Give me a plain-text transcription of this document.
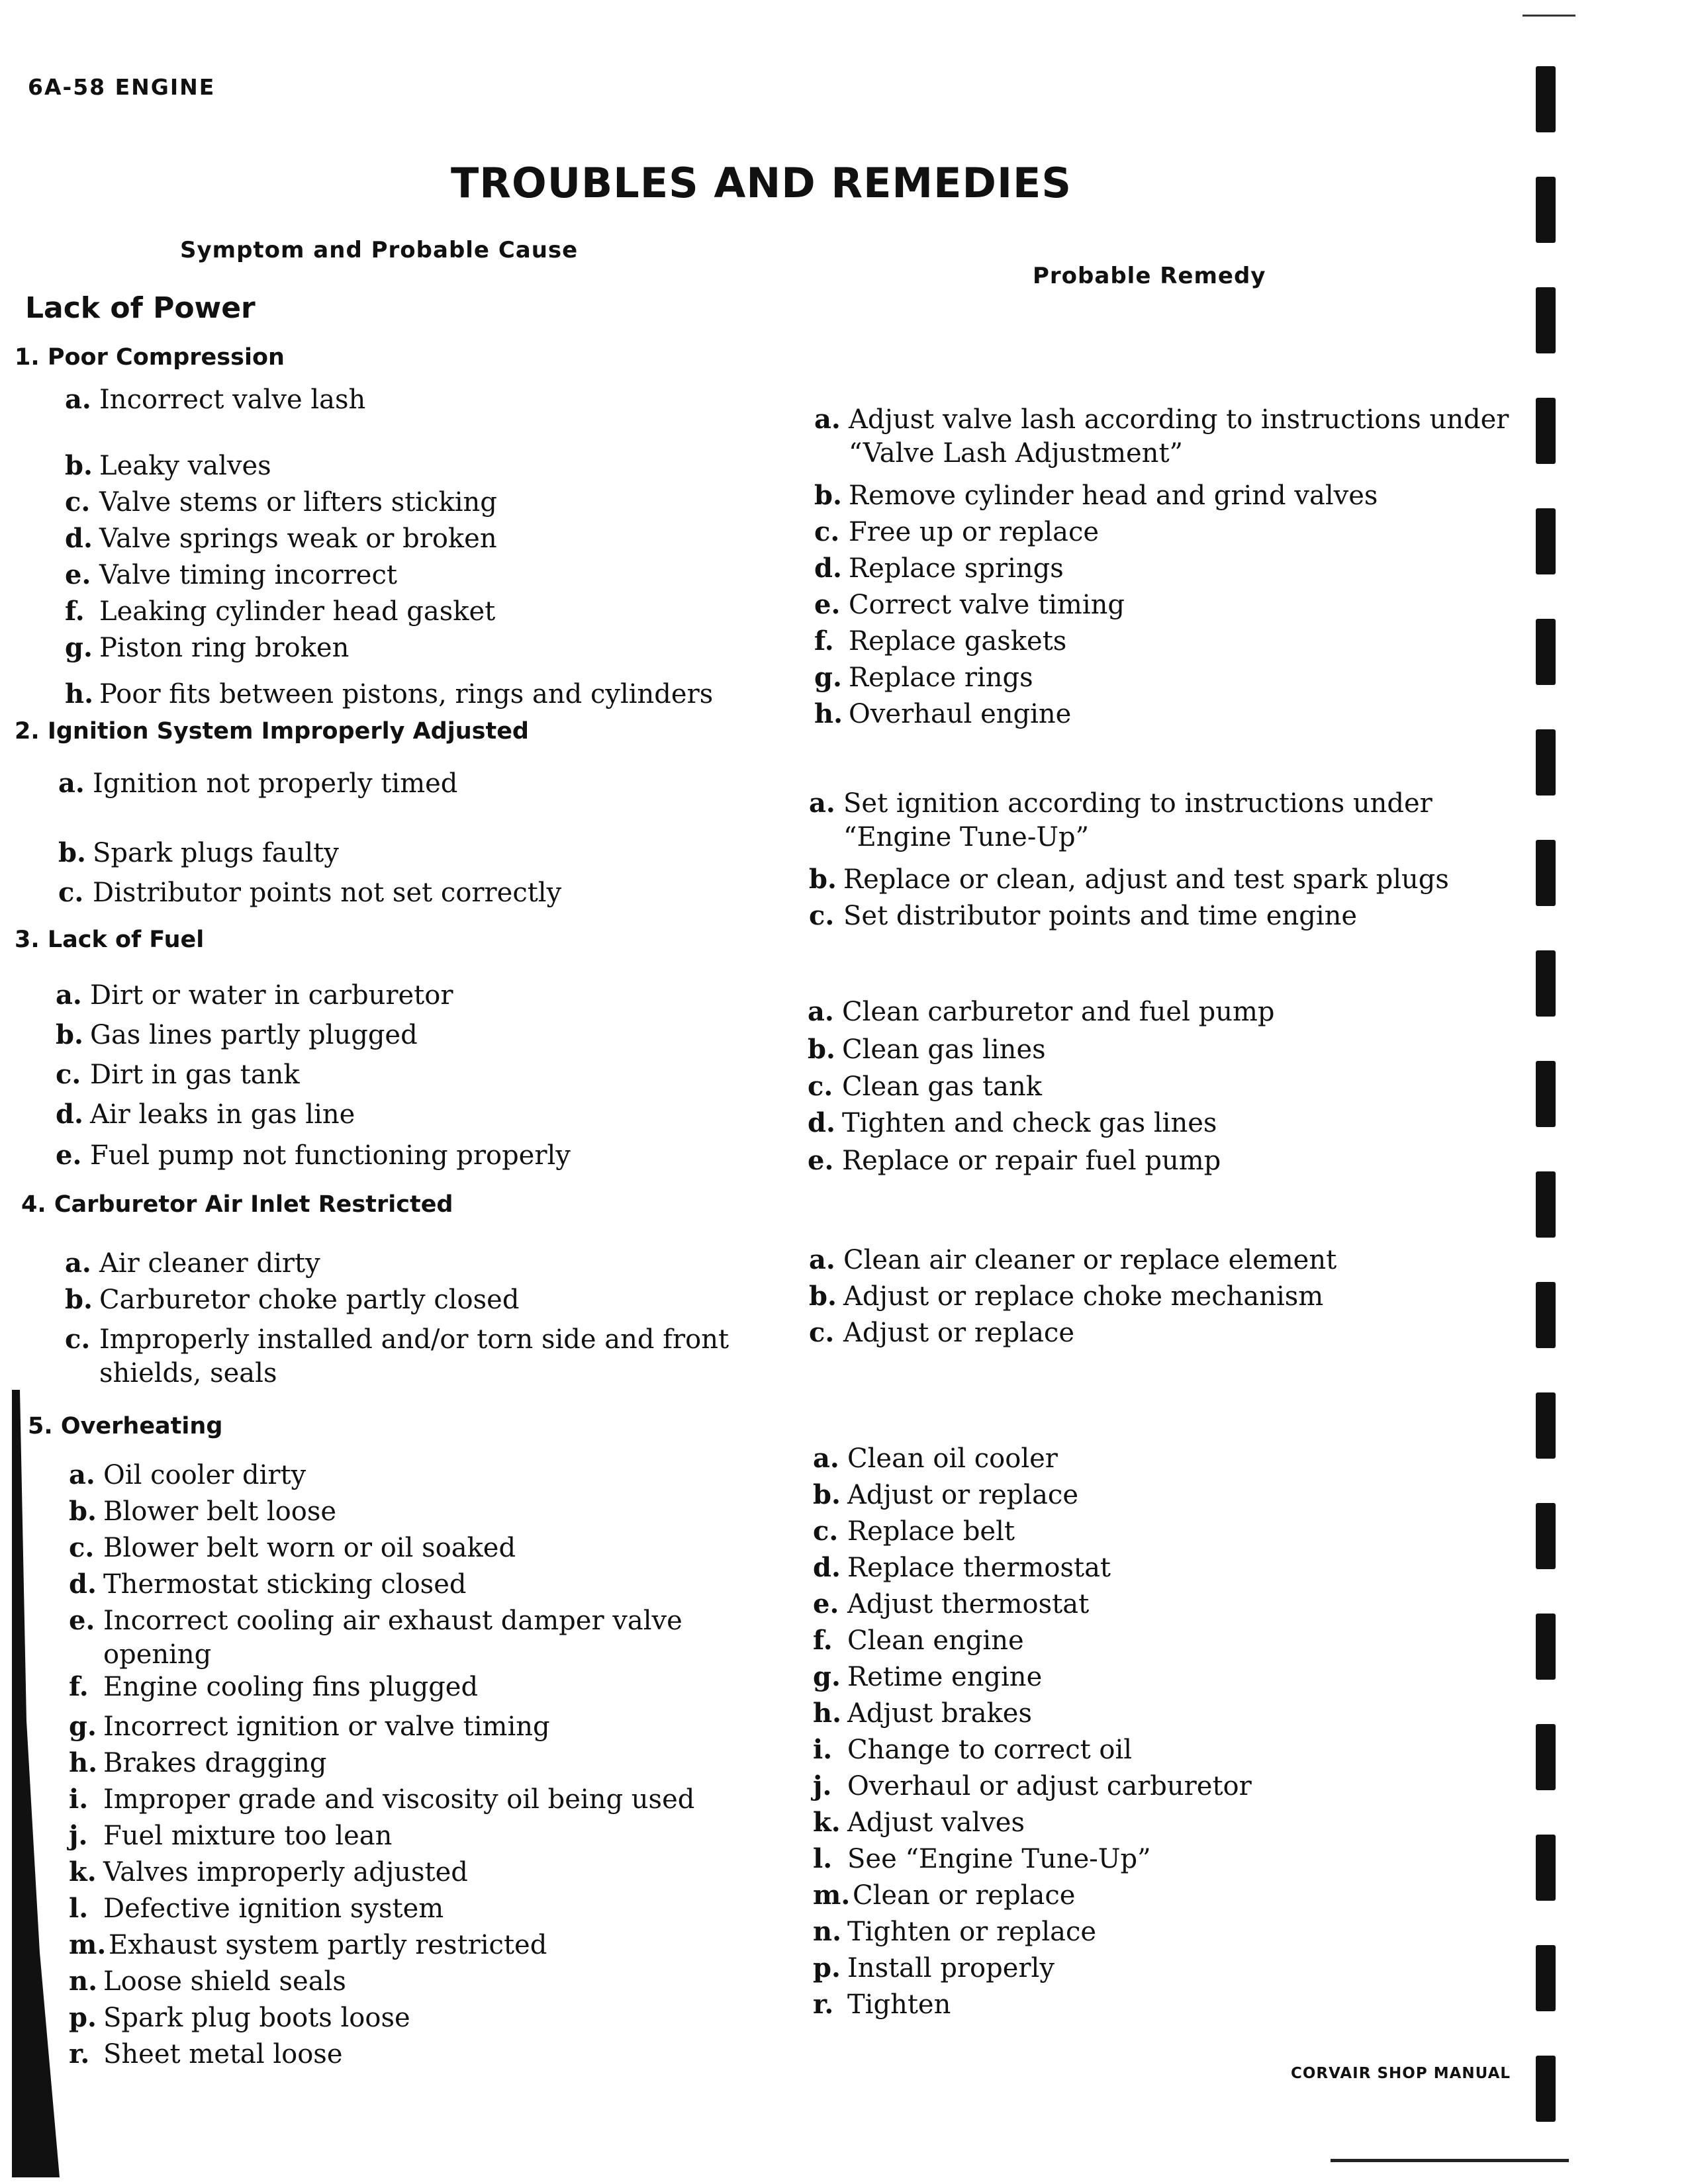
6A-58 ENGINE
TROUBLES AND REMEDIES
Symptom and Probable Cause
Probable Remedy
Lack of Power
1. Poor Compression
a. Incorrect valve lash
b. Leaky valves
c. Valve stems or lifters sticking
d. Valve springs weak or broken
e. Valve timing incorrect
f. Leaking cylinder head gasket
g. Piston ring broken
h. Poor fits between pistons, rings and cylinders
a. Adjust valve lash according to instructions under
“Valve Lash Adjustment”
b. Remove cylinder head and grind valves
c. Free up or replace
d. Replace springs
e. Correct valve timing
f. Replace gaskets
g. Replace rings
h. Overhaul engine
2. Ignition System Improperly Adjusted
a. Ignition not properly timed
b. Spark plugs faulty
c. Distributor points not set correctly
a. Set ignition according to instructions under
“Engine Tune-Up”
b. Replace or clean, adjust and test spark plugs
c. Set distributor points and time engine
3. Lack of Fuel
a. Dirt or water in carburetor
b. Gas lines partly plugged
c. Dirt in gas tank
d. Air leaks in gas line
e. Fuel pump not functioning properly
a. Clean carburetor and fuel pump
b. Clean gas lines
c. Clean gas tank
d. Tighten and check gas lines
e. Replace or repair fuel pump
4. Carburetor Air Inlet Restricted
a. Air cleaner dirty
b. Carburetor choke partly closed
c. Improperly installed and/or torn side and front
shields, seals
a. Clean air cleaner or replace element
b. Adjust or replace choke mechanism
c. Adjust or replace
5. Overheating
a. Oil cooler dirty
b. Blower belt loose
c. Blower belt worn or oil soaked
d. Thermostat sticking closed
e. Incorrect cooling air exhaust damper valve
opening
f. Engine cooling fins plugged
g. Incorrect ignition or valve timing
h. Brakes dragging
i. Improper grade and viscosity oil being used
j. Fuel mixture too lean
k. Valves improperly adjusted
l. Defective ignition system
m.Exhaust system partly restricted
n. Loose shield seals
p. Spark plug boots loose
r. Sheet metal loose
a. Clean oil cooler
b. Adjust or replace
c. Replace belt
d. Replace thermostat
e. Adjust thermostat
f. Clean engine
g. Retime engine
h. Adjust brakes
i. Change to correct oil
j. Overhaul or adjust carburetor
k. Adjust valves
l. See “Engine Tune-Up”
m.Clean or replace
n. Tighten or replace
p. Install properly
r. Tighten
CORVAIR SHOP MANUAL
